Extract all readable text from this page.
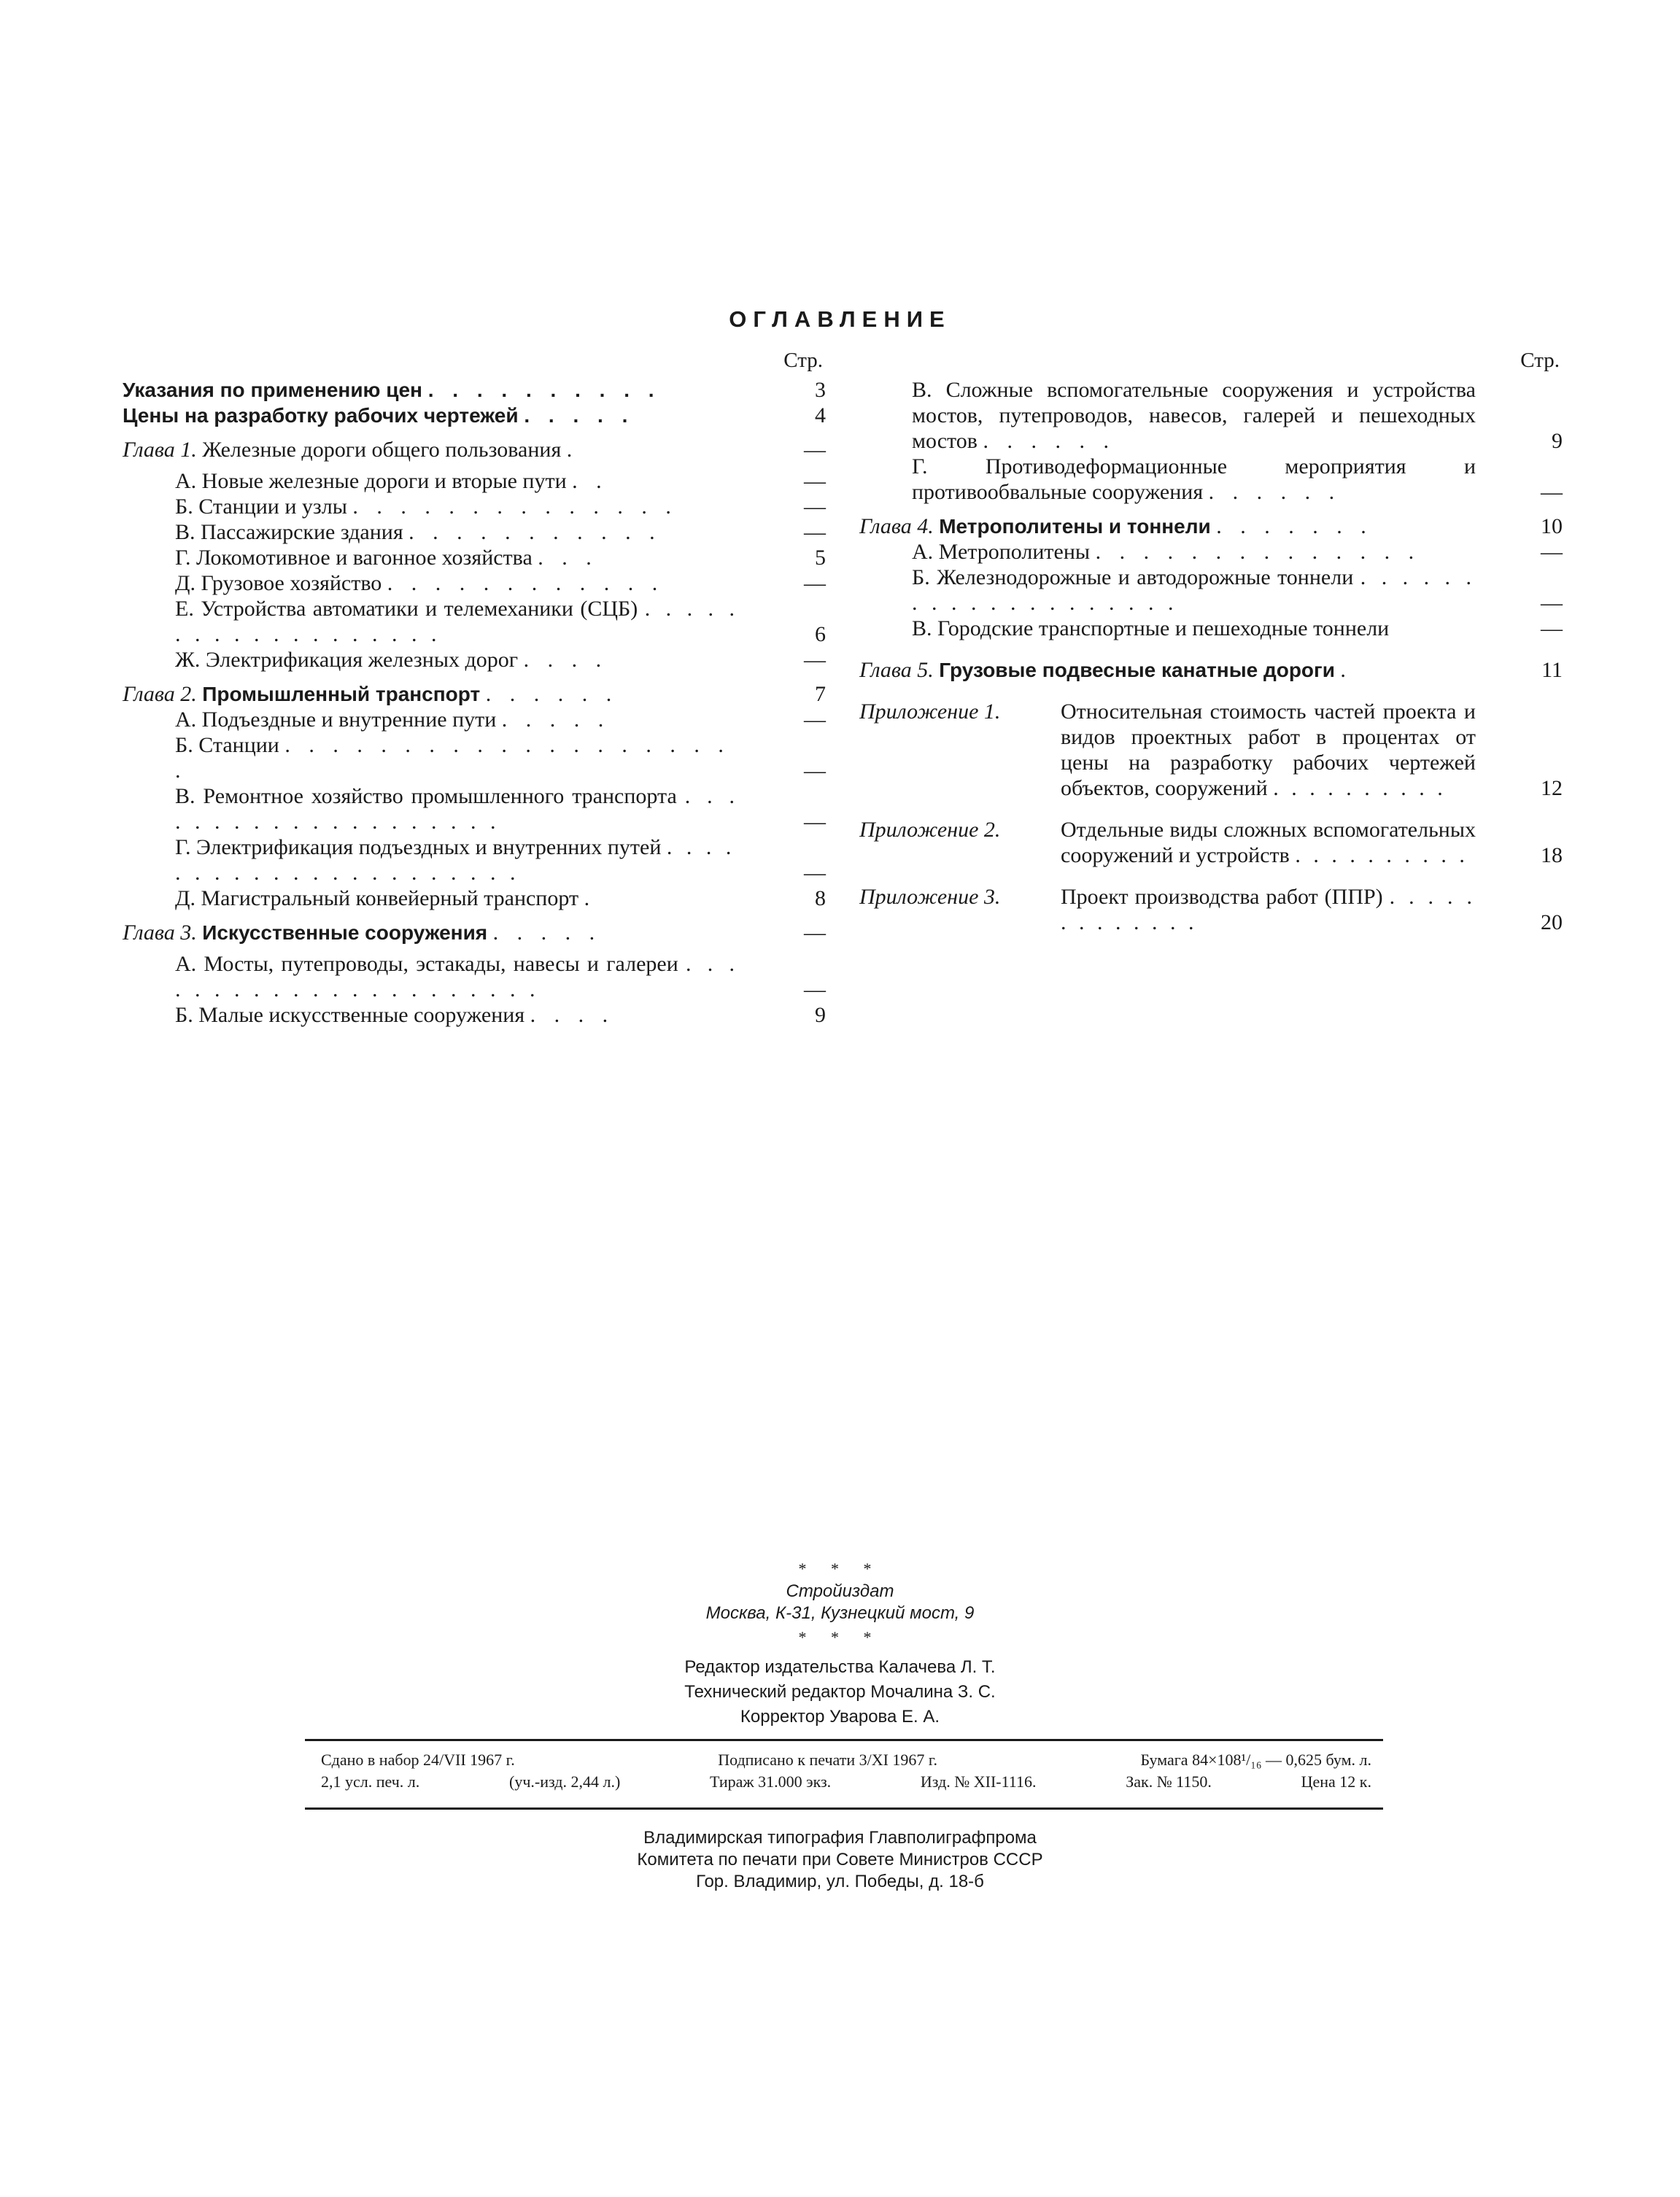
ОГЛАВЛЕНИЕ
Стр.
Указания по применению цен . . . . . . . . . .	3
Цены на разработку рабочих чертежей . . . . .	4
Глава 1. Железные дороги общего пользования .	—
А. Новые железные дороги и вторые пути . .	—
Б. Станции и узлы . . . . . . . . . . . . . .	—
В. Пассажирские здания . . . . . . . . . . .	—
Г. Локомотивное и вагонное хозяйства . . .	5
Д. Грузовое хозяйство . . . . . . . . . . . .	—
Е. Устройства автоматики и телемеханики (СЦБ) . . . . . . . . . . . . . . . . . . .	6
Ж. Электрификация железных дорог . . . .	—
Глава 2. Промышленный транспорт . . . . . .	7
А. Подъездные и внутренние пути . . . . .	—
Б. Станции . . . . . . . . . . . . . . . . . . . .	—
В. Ремонтное хозяйство промышленного транспорта . . . . . . . . . . . . . . . . . . . .	—
Г. Электрификация подъездных и внутренних путей . . . . . . . . . . . . . . . . . . . . . .	—
Д. Магистральный конвейерный транспорт .	8
Глава 3. Искусственные сооружения . . . . .	—
А. Мосты, путепроводы, эстакады, навесы и галереи . . . . . . . . . . . . . . . . . . . . . .	—
Б. Малые искусственные сооружения . . . .	9
Стр.
В. Сложные вспомогательные сооружения и устройства мостов, путепроводов, навесов, галерей и пешеходных мостов . . . . . .	9
Г. Противодеформационные мероприятия и противообвальные сооружения . . . . . .	—
Глава 4. Метрополитены и тоннели . . . . . . .	10
А. Метрополитены . . . . . . . . . . . . . .	—
Б. Железнодорожные и автодорожные тоннели . . . . . . . . . . . . . . . . . . . .	—
В. Городские транспортные и пешеходные тоннели	—
Глава 5. Грузовые подвесные канатные дороги .	11
Приложение 1.	Относительная стоимость частей проекта и видов проектных работ в процентах от цены на разработку рабочих чертежей объектов, сооружений . . . . . . . . . .	12
Приложение 2.	Отдельные виды сложных вспомогательных сооружений и устройств . . . . . . . . . .	18
Приложение 3.	Проект производства работ (ППР) . . . . . . . . . . . . .	20
* * *
Стройиздат
Москва, К-31, Кузнецкий мост, 9
* * *
Редактор издательства Калачева Л. Т.
Технический редактор Мочалина З. С.
Корректор Уварова Е. А.
Сдано в набор 24/VII 1967 г.	Подписано к печати 3/XI 1967 г.	Бумага 84×108¹/₁₆ — 0,625 бум. л.
2,1 усл. печ. л.	(уч.-изд. 2,44 л.)	Тираж 31.000 экз.	Изд. № XII-1116.	Зак. № 1150.	Цена 12 к.
Владимирская типография Главполиграфпрома
Комитета по печати при Совете Министров СССР
Гор. Владимир, ул. Победы, д. 18-б
